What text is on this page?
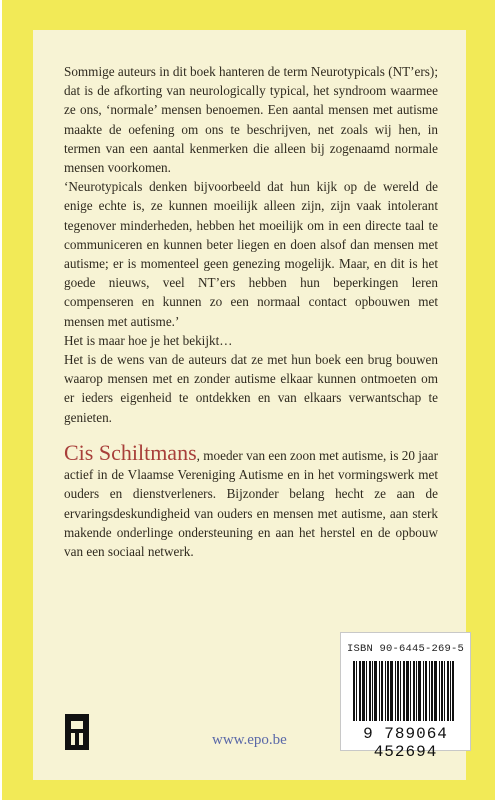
Sommige auteurs in dit boek hanteren de term Neurotypicals (NT’ers); dat is de afkorting van neurologically typical, het syndroom waarmee ze ons, ‘normale’ mensen benoemen. Een aantal mensen met autisme maakte de oefening om ons te beschrijven, net zoals wij hen, in termen van een aantal kenmerken die alleen bij zogenaamd normale mensen voorkomen.

‘Neurotypicals denken bijvoorbeeld dat hun kijk op de wereld de enige echte is, ze kunnen moeilijk alleen zijn, zijn vaak intolerant tegenover minderheden, hebben het moeilijk om in een directe taal te communiceren en kunnen beter liegen en doen alsof dan mensen met autisme; er is momenteel geen genezing mogelijk. Maar, en dit is het goede nieuws, veel NT’ers hebben hun beperkingen leren compenseren en kunnen zo een normaal contact opbouwen met mensen met autisme.’

Het is maar hoe je het bekijkt…

Het is de wens van de auteurs dat ze met hun boek een brug bouwen waarop mensen met en zonder autisme elkaar kunnen ontmoeten om er ieders eigenheid te ontdekken en van elkaars verwantschap te genieten.

Cis Schiltmans, moeder van een zoon met autisme, is 20 jaar actief in de Vlaamse Vereniging Autisme en in het vormingswerk met ouders en dienstverleners. Bijzonder belang hecht ze aan de ervaringsdeskundigheid van ouders en mensen met autisme, aan sterk makende onderlinge ondersteuning en aan het herstel en de opbouw van een sociaal netwerk.
www.epo.be
ISBN 90-6445-269-5
9 789064 452694
